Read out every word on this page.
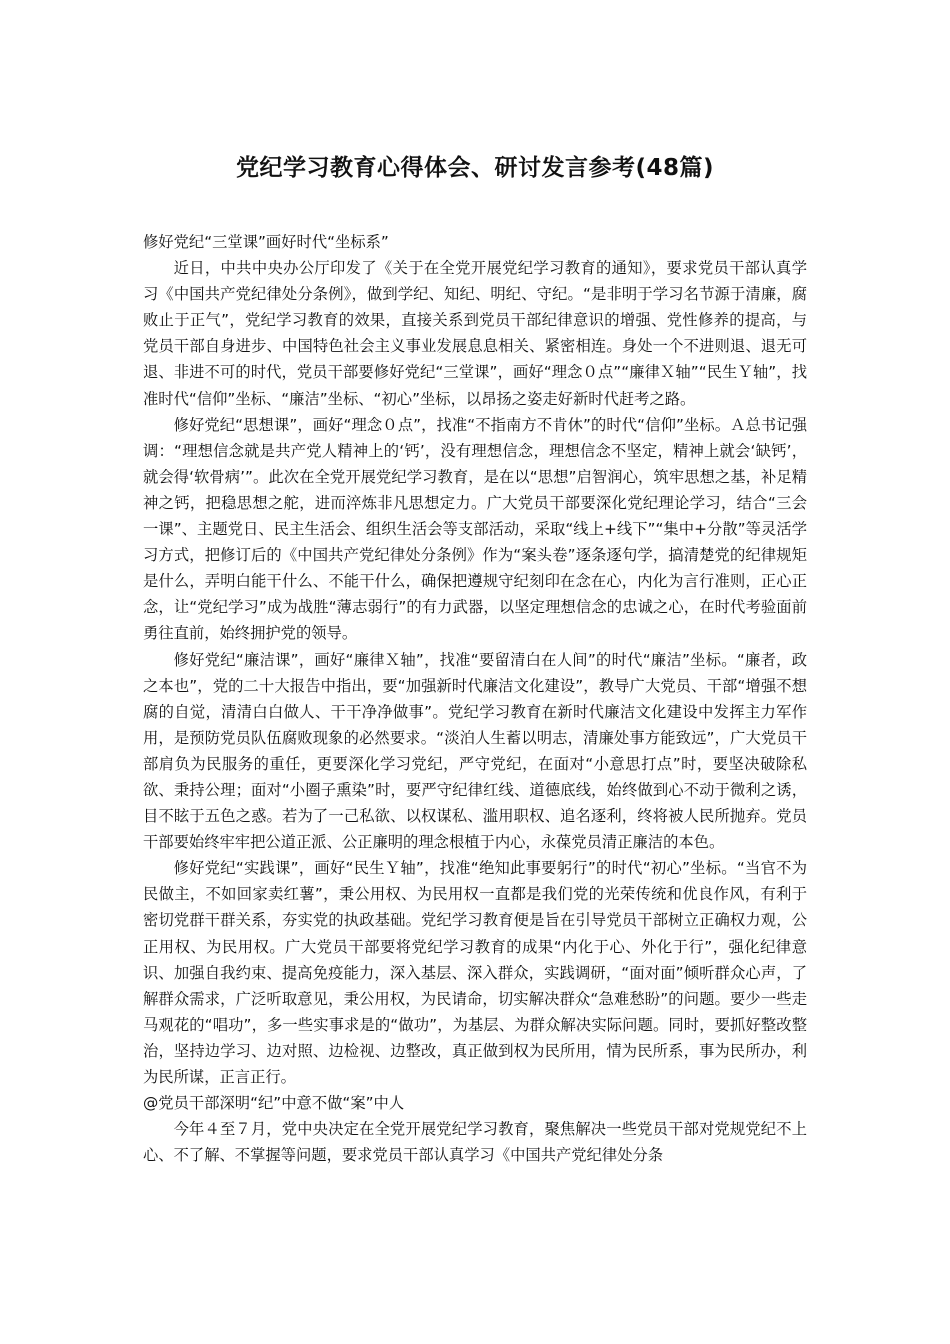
党纪学习教育心得体会、研讨发言参考(48篇)

修好党纪“三堂课”画好时代“坐标系”

近日，中共中央办公厅印发了《关于在全党开展党纪学习教育的通知》，要求党员干部认真学习《中国共产党纪律处分条例》，做到学纪、知纪、明纪、守纪。“是非明于学习名节源于清廉，腐败止于正气”，党纪学习教育的效果，直接关系到党员干部纪律意识的增强、党性修养的提高，与党员干部自身进步、中国特色社会主义事业发展息息相关、紧密相连。身处一个不进则退、退无可退、非进不可的时代，党员干部要修好党纪“三堂课”，画好“理念０点”“廉律Ｘ轴”“民生Ｙ轴”，找准时代“信仰”坐标、“廉洁”坐标、“初心”坐标，以昂扬之姿走好新时代赶考之路。

修好党纪“思想课”，画好“理念０点”，找准“不指南方不肯休”的时代“信仰”坐标。Ａ总书记强调：“理想信念就是共产党人精神上的‘钙’，没有理想信念，理想信念不坚定，精神上就会‘缺钙’，就会得‘软骨病’”。此次在全党开展党纪学习教育，是在以“思想”启智润心，筑牢思想之基，补足精神之钙，把稳思想之舵，进而淬炼非凡思想定力。广大党员干部要深化党纪理论学习，结合“三会一课”、主题党日、民主生活会、组织生活会等支部活动，采取“线上+线下”“集中+分散”等灵活学习方式，把修订后的《中国共产党纪律处分条例》作为“案头卷”逐条逐句学，搞清楚党的纪律规矩是什么，弄明白能干什么、不能干什么，确保把遵规守纪刻印在念在心，内化为言行准则，正心正念，让“党纪学习”成为战胜“薄志弱行”的有力武器，以坚定理想信念的忠诚之心，在时代考验面前勇往直前，始终拥护党的领导。

修好党纪“廉洁课”，画好“廉律Ｘ轴”，找准“要留清白在人间”的时代“廉洁”坐标。“廉者，政之本也”，党的二十大报告中指出，要“加强新时代廉洁文化建设”，教导广大党员、干部“增强不想腐的自觉，清清白白做人、干干净净做事”。党纪学习教育在新时代廉洁文化建设中发挥主力军作用，是预防党员队伍腐败现象的必然要求。“淡泊人生蓄以明志，清廉处事方能致远”，广大党员干部肩负为民服务的重任，更要深化学习党纪，严守党纪，在面对“小意思打点”时，要坚决破除私欲、秉持公理；面对“小圈子熏染”时，要严守纪律红线、道德底线，始终做到心不动于微利之诱，目不眩于五色之惑。若为了一己私欲、以权谋私、滥用职权、追名逐利，终将被人民所抛弃。党员干部要始终牢牢把公道正派、公正廉明的理念根植于内心，永葆党员清正廉洁的本色。

修好党纪“实践课”，画好“民生Ｙ轴”，找准“绝知此事要躬行”的时代“初心”坐标。“当官不为民做主，不如回家卖红薯”，秉公用权、为民用权一直都是我们党的光荣传统和优良作风，有利于密切党群干群关系，夯实党的执政基础。党纪学习教育便是旨在引导党员干部树立正确权力观，公正用权、为民用权。广大党员干部要将党纪学习教育的成果“内化于心、外化于行”，强化纪律意识、加强自我约束、提高免疫能力，深入基层、深入群众，实践调研，“面对面”倾听群众心声，了解群众需求，广泛听取意见，秉公用权，为民请命，切实解决群众“急难愁盼”的问题。要少一些走马观花的“唱功”，多一些实事求是的“做功”，为基层、为群众解决实际问题。同时，要抓好整改整治，坚持边学习、边对照、边检视、边整改，真正做到权为民所用，情为民所系，事为民所办，利为民所谋，正言正行。

@党员干部深明“纪”中意不做“案”中人

今年４至７月，党中央决定在全党开展党纪学习教育，聚焦解决一些党员干部对党规党纪不上心、不了解、不掌握等问题，要求党员干部认真学习《中国共产党纪律处分条
